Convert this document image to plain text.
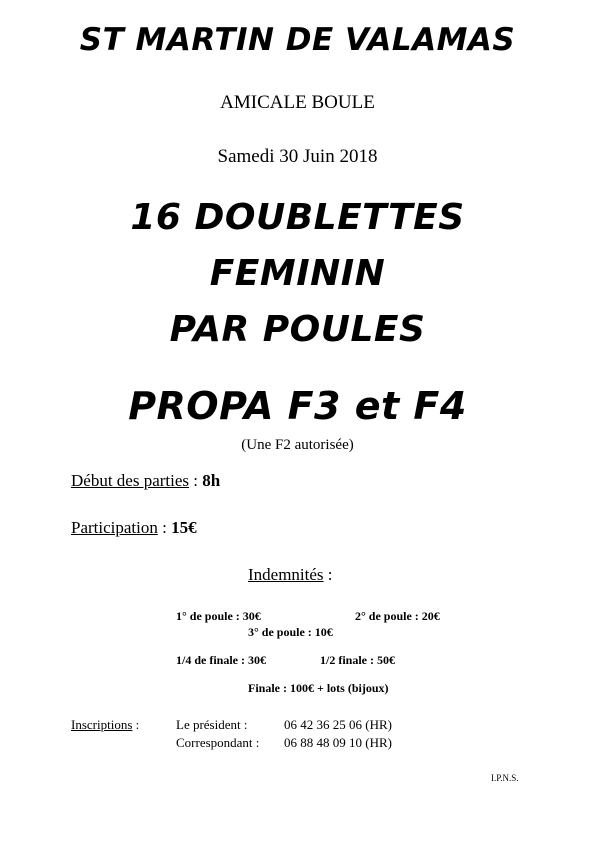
ST MARTIN DE VALAMAS
AMICALE BOULE
Samedi 30 Juin 2018
16 DOUBLETTES
FEMININ
PAR POULES
PROPA F3 et F4
(Une F2 autorisée)
Début des parties : 8h
Participation : 15€
Indemnités :
1° de poule : 30€	2° de poule : 20€
3° de poule : 10€
1/4 de finale : 30€	1/2 finale : 50€
Finale : 100€ + lots (bijoux)
Inscriptions :	Le président :	06 42 36 25 06 (HR)
Correspondant : 06 88 48 09 10 (HR)
I.P.N.S.
